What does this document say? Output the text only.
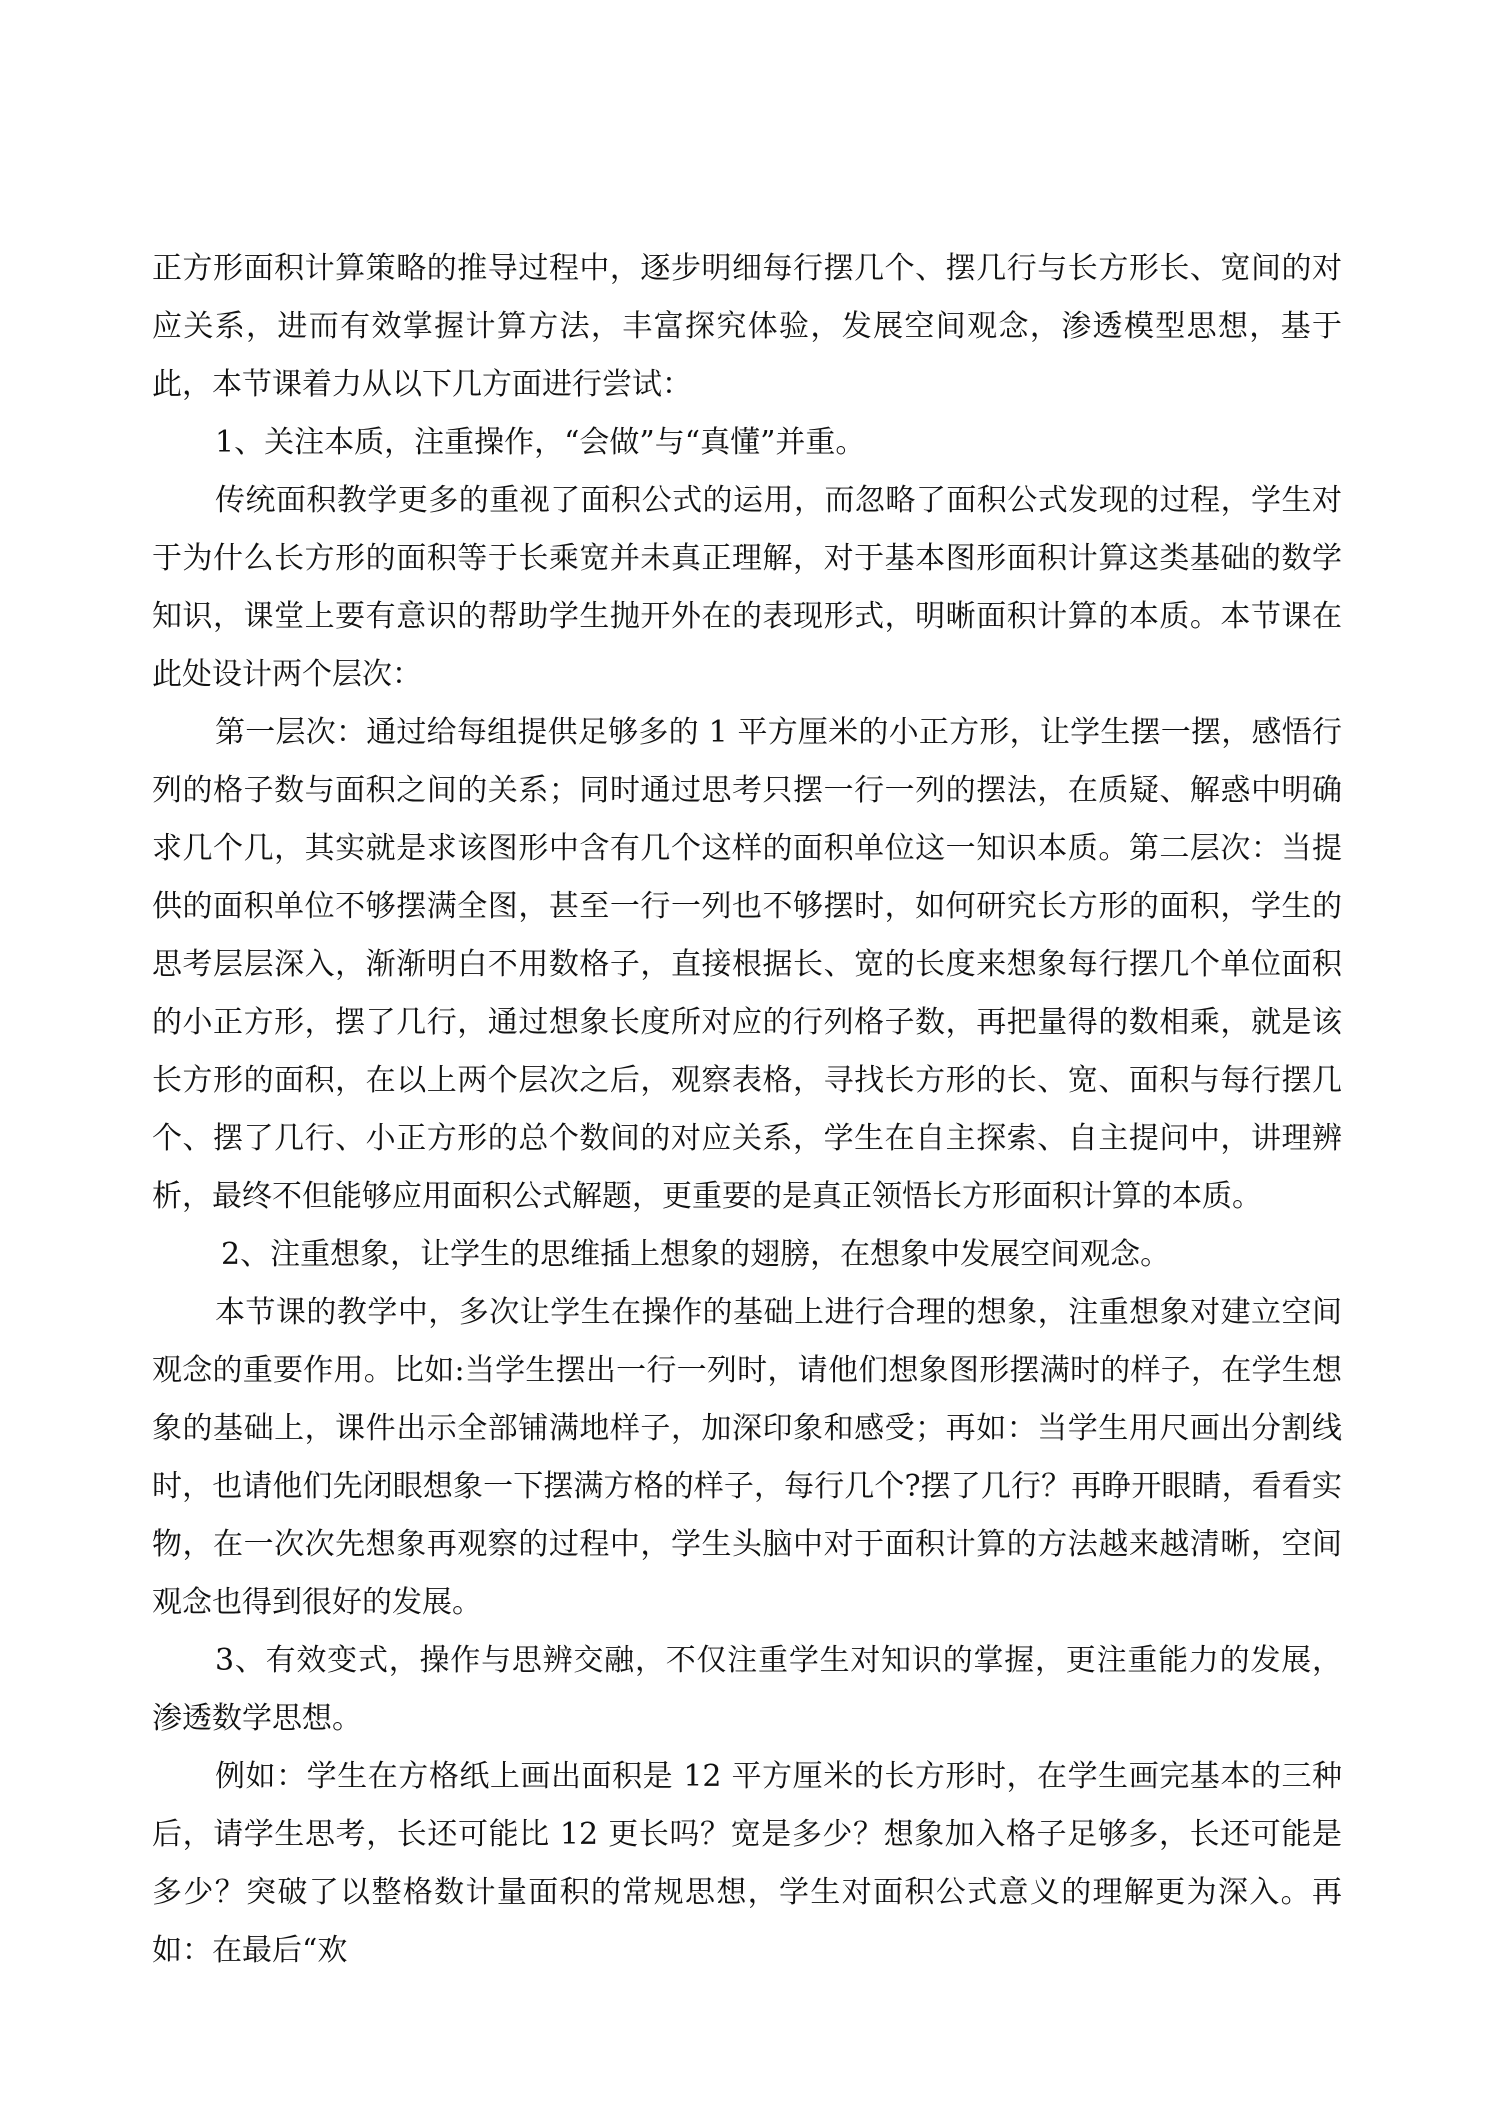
正方形面积计算策略的推导过程中，逐步明细每行摆几个、摆几行与长方形长、宽间的对应关系，进而有效掌握计算方法，丰富探究体验，发展空间观念，渗透模型思想，基于此，本节课着力从以下几方面进行尝试：

1、关注本质，注重操作，“会做”与“真懂”并重。

传统面积教学更多的重视了面积公式的运用，而忽略了面积公式发现的过程，学生对于为什么长方形的面积等于长乘宽并未真正理解，对于基本图形面积计算这类基础的数学知识，课堂上要有意识的帮助学生抛开外在的表现形式，明晰面积计算的本质。本节课在此处设计两个层次：

第一层次：通过给每组提供足够多的 1 平方厘米的小正方形，让学生摆一摆，感悟行列的格子数与面积之间的关系；同时通过思考只摆一行一列的摆法，在质疑、解惑中明确求几个几，其实就是求该图形中含有几个这样的面积单位这一知识本质。第二层次：当提供的面积单位不够摆满全图，甚至一行一列也不够摆时，如何研究长方形的面积，学生的思考层层深入，渐渐明白不用数格子，直接根据长、宽的长度来想象每行摆几个单位面积的小正方形，摆了几行，通过想象长度所对应的行列格子数，再把量得的数相乘，就是该长方形的面积，在以上两个层次之后，观察表格，寻找长方形的长、宽、面积与每行摆几个、摆了几行、小正方形的总个数间的对应关系，学生在自主探索、自主提问中，讲理辨析，最终不但能够应用面积公式解题，更重要的是真正领悟长方形面积计算的本质。

2、注重想象，让学生的思维插上想象的翅膀，在想象中发展空间观念。

本节课的教学中，多次让学生在操作的基础上进行合理的想象，注重想象对建立空间观念的重要作用。比如:当学生摆出一行一列时，请他们想象图形摆满时的样子，在学生想象的基础上，课件出示全部铺满地样子，加深印象和感受；再如：当学生用尺画出分割线时，也请他们先闭眼想象一下摆满方格的样子，每行几个?摆了几行？再睁开眼睛，看看实物，在一次次先想象再观察的过程中，学生头脑中对于面积计算的方法越来越清晰，空间观念也得到很好的发展。

3、有效变式，操作与思辨交融，不仅注重学生对知识的掌握，更注重能力的发展，渗透数学思想。

例如：学生在方格纸上画出面积是 12 平方厘米的长方形时，在学生画完基本的三种后，请学生思考，长还可能比 12 更长吗？宽是多少？想象加入格子足够多，长还可能是多少？突破了以整格数计量面积的常规思想，学生对面积公式意义的理解更为深入。再如：在最后“欢
